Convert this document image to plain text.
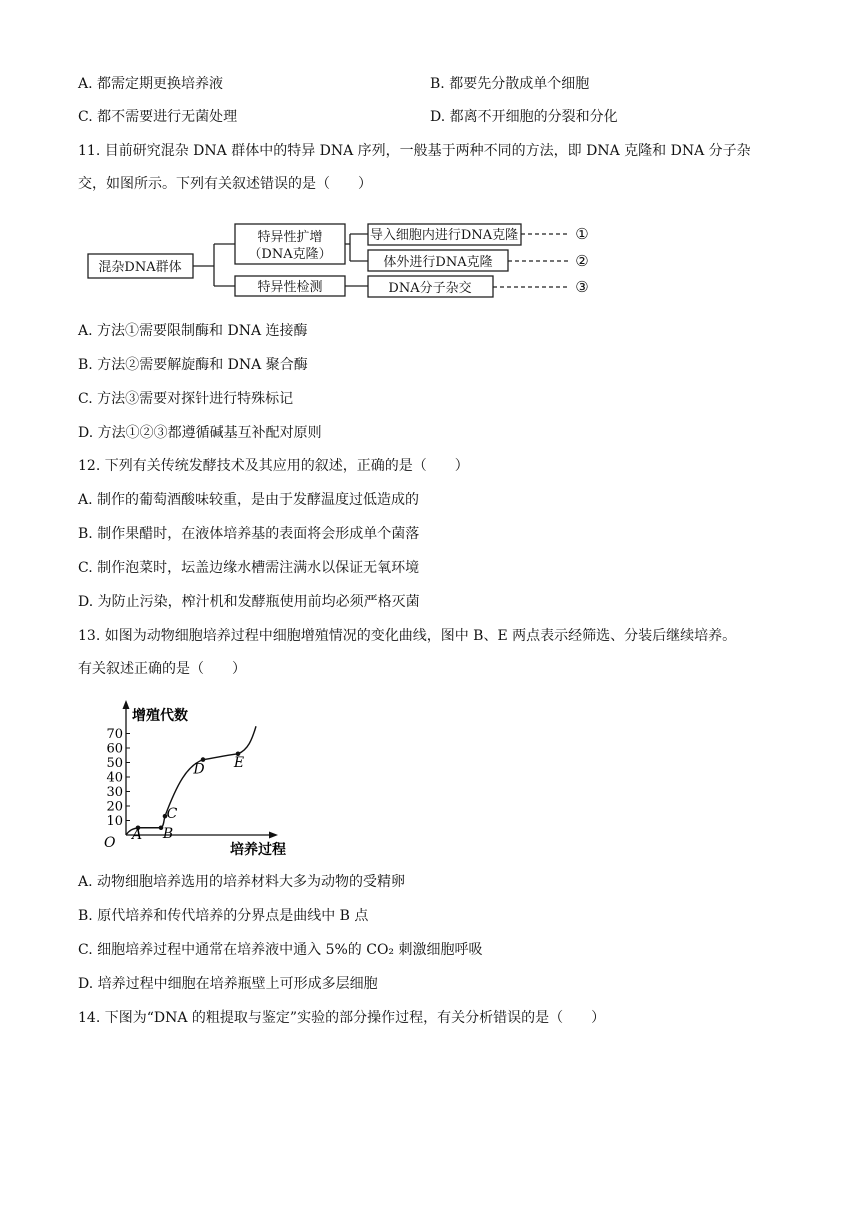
A. 都需定期更换培养液	B. 都要先分散成单个细胞
C. 都不需要进行无菌处理	D. 都离不开细胞的分裂和分化
11. 目前研究混杂 DNA 群体中的特异 DNA 序列，一般基于两种不同的方法，即 DNA 克隆和 DNA 分子杂
交，如图所示。下列有关叙述错误的是（　　）
混杂DNA群体
特异性扩增
（DNA克隆）
特异性检测
导入细胞内进行DNA克隆
体外进行DNA克隆
DNA分子杂交
①
②
③
A. 方法①需要限制酶和 DNA 连接酶
B. 方法②需要解旋酶和 DNA 聚合酶
C. 方法③需要对探针进行特殊标记
D. 方法①②③都遵循碱基互补配对原则
12. 下列有关传统发酵技术及其应用的叙述，正确的是（　　）
A. 制作的葡萄酒酸味较重，是由于发酵温度过低造成的
B. 制作果醋时，在液体培养基的表面将会形成单个菌落
C. 制作泡菜时，坛盖边缘水槽需注满水以保证无氧环境
D. 为防止污染，榨汁机和发酵瓶使用前均必须严格灭菌
13. 如图为动物细胞培养过程中细胞增殖情况的变化曲线，图中 B、E 两点表示经筛选、分装后继续培养。
有关叙述正确的是（　　）
增殖代数
培养过程
O
10
20
30
40
50
60
70
A B
C
D E
A. 动物细胞培养选用的培养材料大多为动物的受精卵
B. 原代培养和传代培养的分界点是曲线中 B 点
C. 细胞培养过程中通常在培养液中通入 5%的 CO₂ 刺激细胞呼吸
D. 培养过程中细胞在培养瓶壁上可形成多层细胞
14. 下图为“DNA 的粗提取与鉴定”实验的部分操作过程，有关分析错误的是（　　）
